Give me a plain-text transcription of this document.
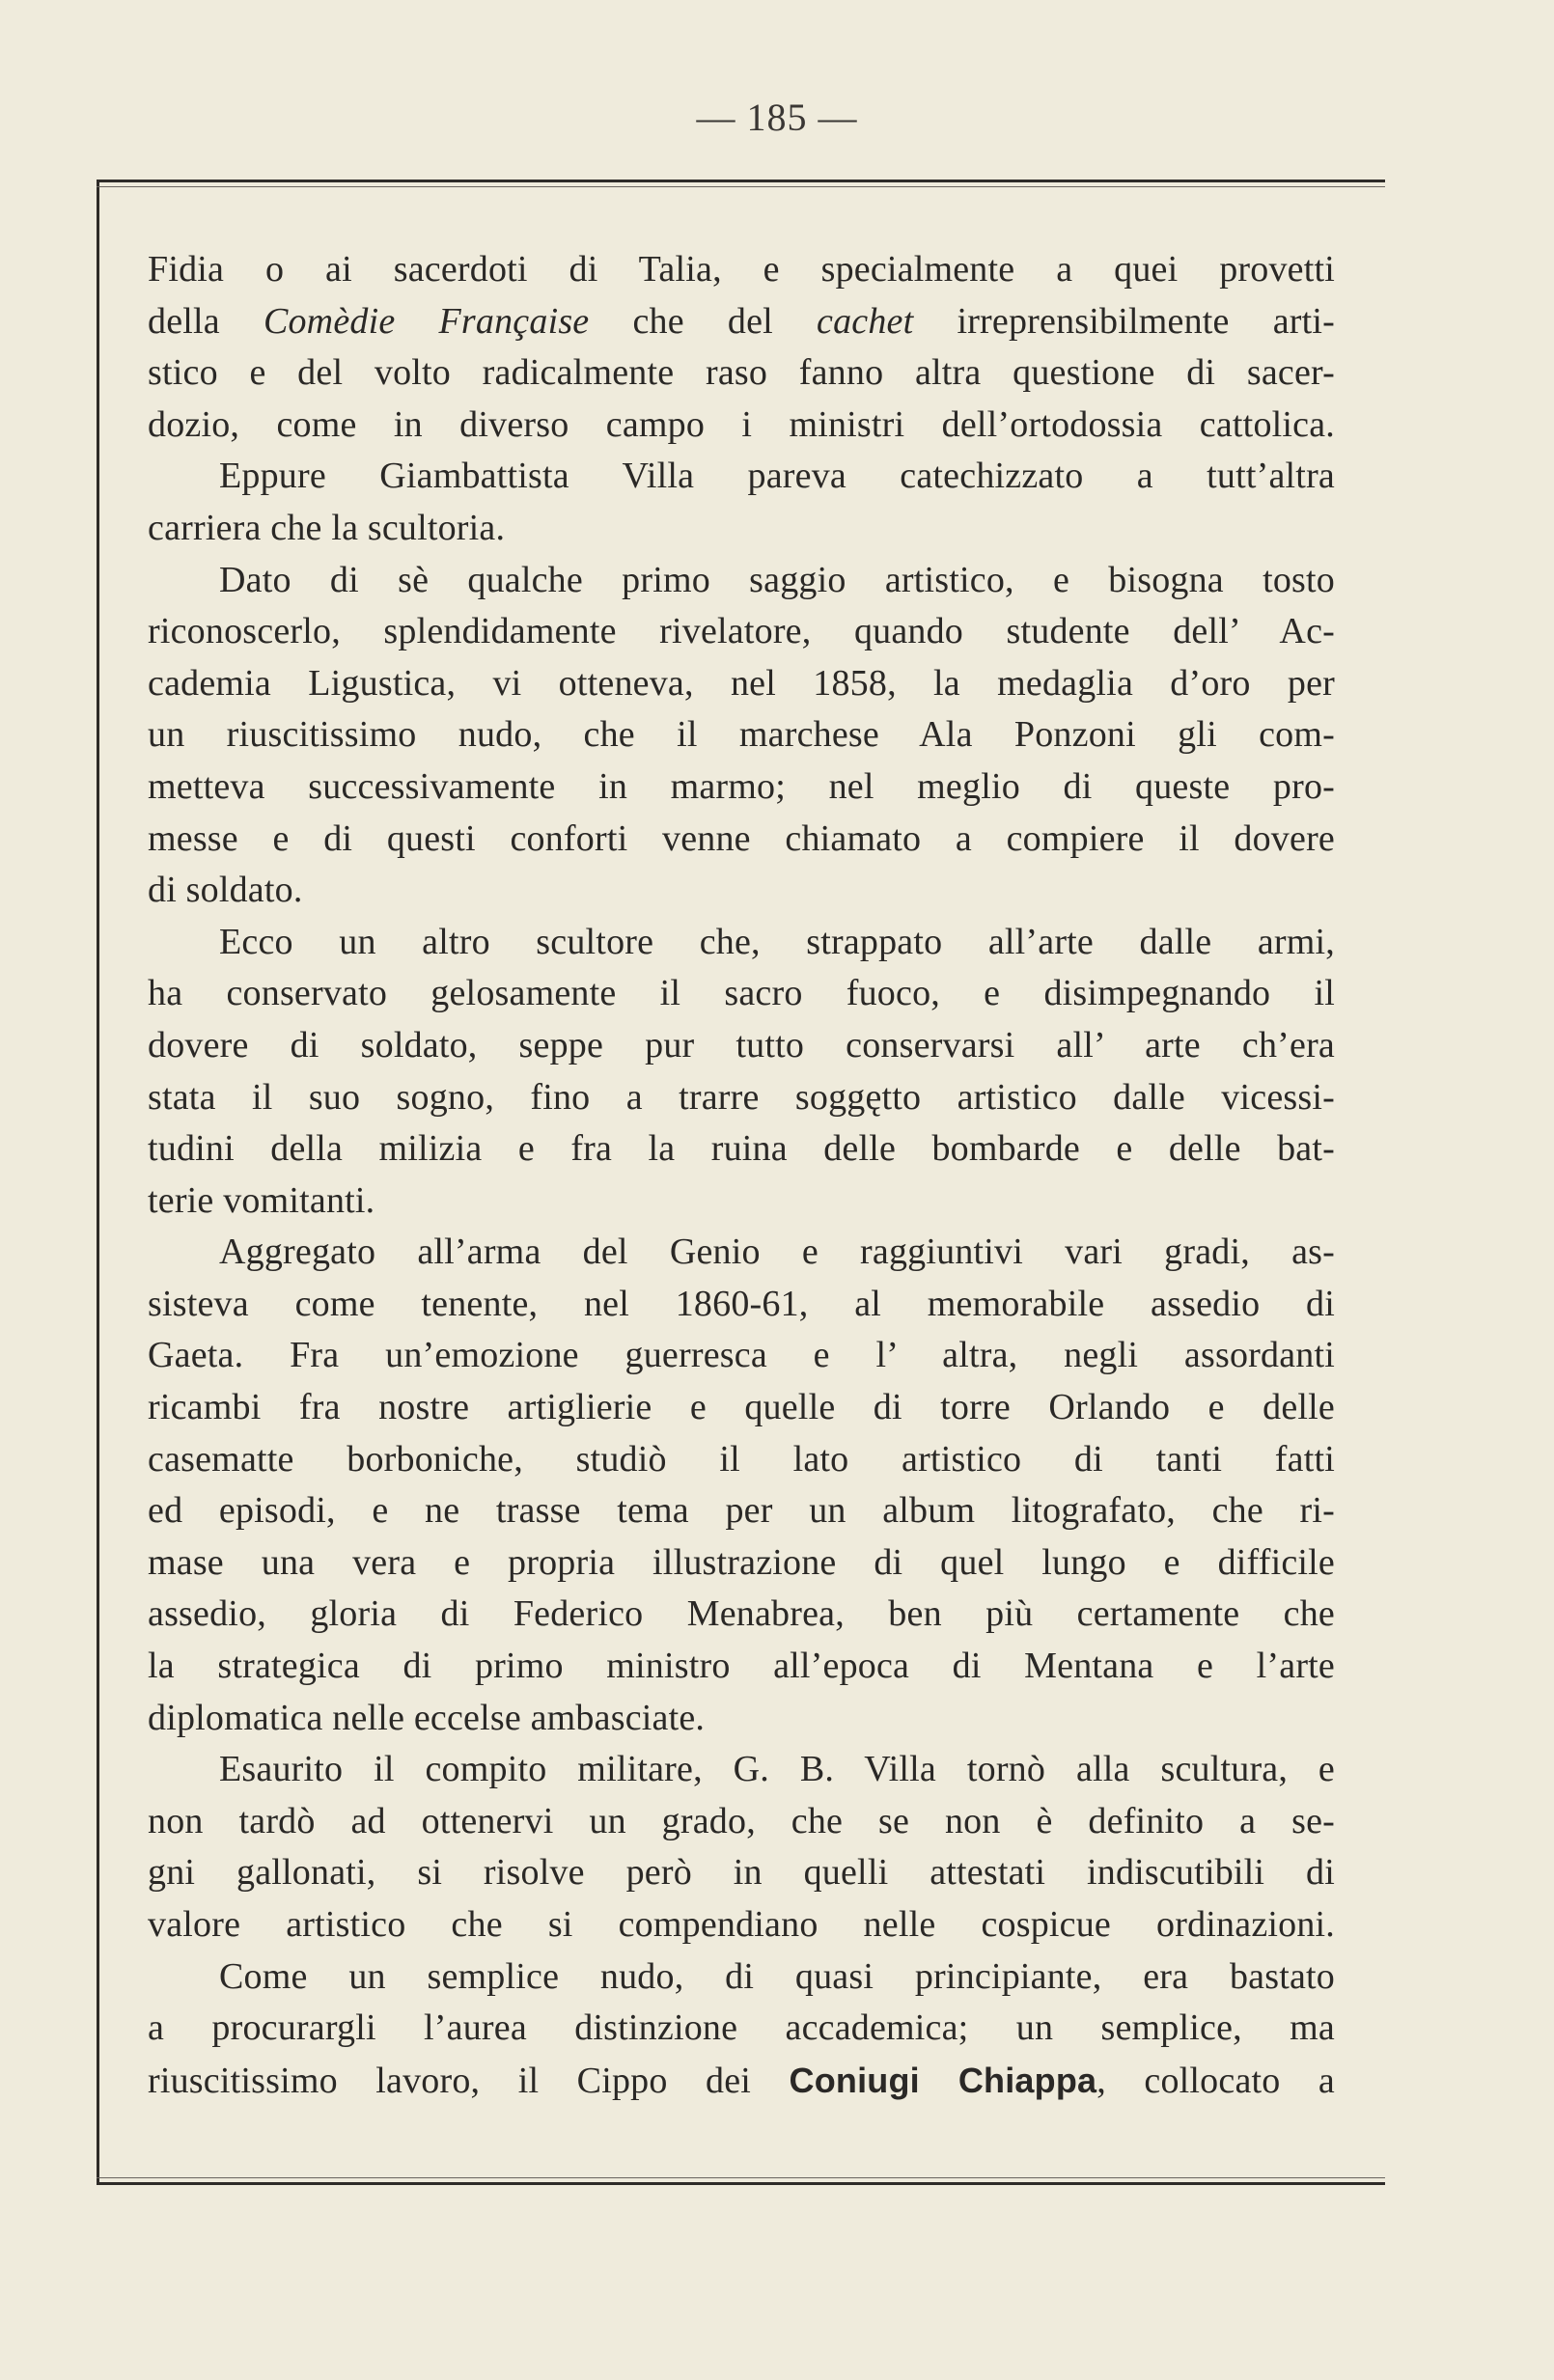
— 185 —
Fidia o ai sacerdoti di Talia, e specialmente a quei provetti
della Comèdie Française che del cachet irreprensibilmente arti-
stico e del volto radicalmente raso fanno altra questione di sacer-
dozio, come in diverso campo i ministri dell’ortodossia cattolica.
Eppure Giambattista Villa pareva catechizzato a tutt’altra
carriera che la scultoria.
Dato di sè qualche primo saggio artistico, e bisogna tosto
riconoscerlo, splendidamente rivelatore, quando studente dell’ Ac-
cademia Ligustica, vi otteneva, nel 1858, la medaglia d’oro per
un riuscitissimo nudo, che il marchese Ala Ponzoni gli com-
metteva successivamente in marmo; nel meglio di queste pro-
messe e di questi conforti venne chiamato a compiere il dovere
di soldato.
Ecco un altro scultore che, strappato all’arte dalle armi,
ha conservato gelosamente il sacro fuoco, e disimpegnando il
dovere di soldato, seppe pur tutto conservarsi all’ arte ch’era
stata il suo sogno, fino a trarre soggętto artistico dalle vicessi-
tudini della milizia e fra la ruina delle bombarde e delle bat-
terie vomitanti.
Aggregato all’arma del Genio e raggiuntivi vari gradi, as-
sisteva come tenente, nel 1860-61, al memorabile assedio di
Gaeta. Fra un’emozione guerresca e l’ altra, negli assordanti
ricambi fra nostre artiglierie e quelle di torre Orlando e delle
casematte borboniche, studiò il lato artistico di tanti fatti
ed episodi, e ne trasse tema per un album litografato, che ri-
mase una vera e propria illustrazione di quel lungo e difficile
assedio, gloria di Federico Menabrea, ben più certamente che
la strategica di primo ministro all’epoca di Mentana e l’arte
diplomatica nelle eccelse ambasciate.
Esaurito il compito militare, G. B. Villa tornò alla scultura, e
non tardò ad ottenervi un grado, che se non è definito a se-
gni gallonati, si risolve però in quelli attestati indiscutibili di
valore artistico che si compendiano nelle cospicue ordinazioni.
Come un semplice nudo, di quasi principiante, era bastato
a procurargli l’aurea distinzione accademica; un semplice, ma
riuscitissimo lavoro, il Cippo dei Coniugi Chiappa, collocato a
